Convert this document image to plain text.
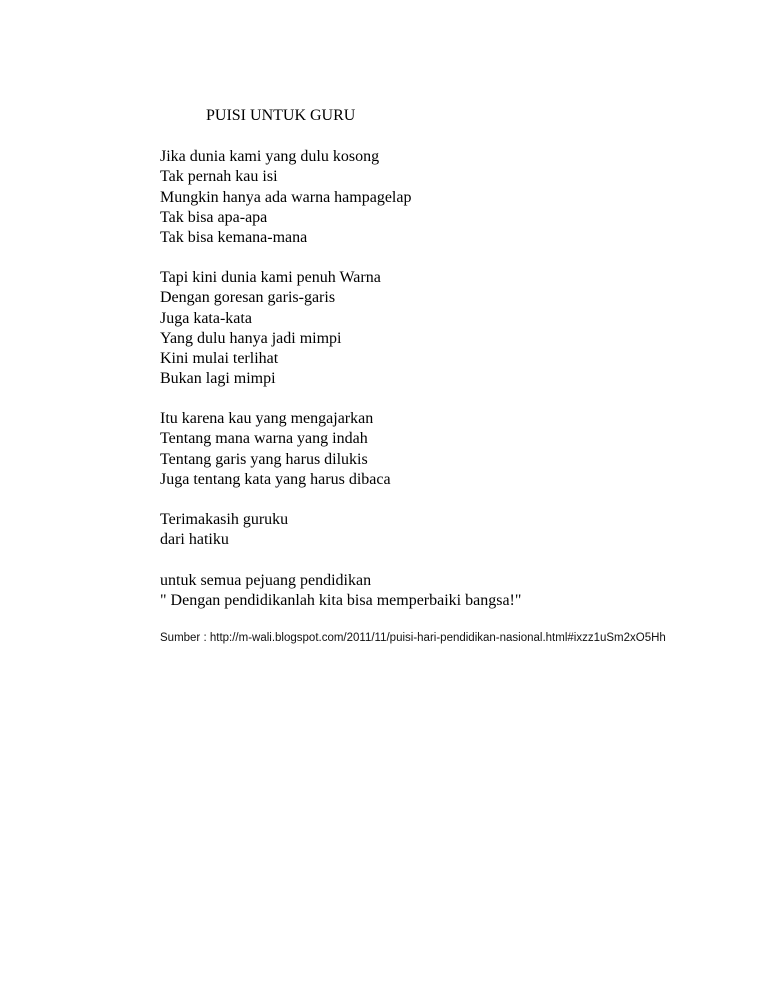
PUISI UNTUK GURU
Jika dunia kami yang dulu kosong
Tak pernah kau isi
Mungkin hanya ada warna hampagelap
Tak bisa apa-apa
Tak bisa kemana-mana
Tapi kini dunia kami penuh Warna
Dengan goresan garis-garis
Juga kata-kata
Yang dulu hanya jadi mimpi
Kini mulai terlihat
Bukan lagi mimpi
Itu karena kau yang mengajarkan
Tentang mana warna yang indah
Tentang garis yang harus dilukis
Juga tentang kata yang harus dibaca
Terimakasih guruku
dari hatiku
untuk semua pejuang pendidikan
" Dengan pendidikanlah kita bisa memperbaiki bangsa!"
Sumber : http://m-wali.blogspot.com/2011/11/puisi-hari-pendidikan-nasional.html#ixzz1uSm2xO5Hh
